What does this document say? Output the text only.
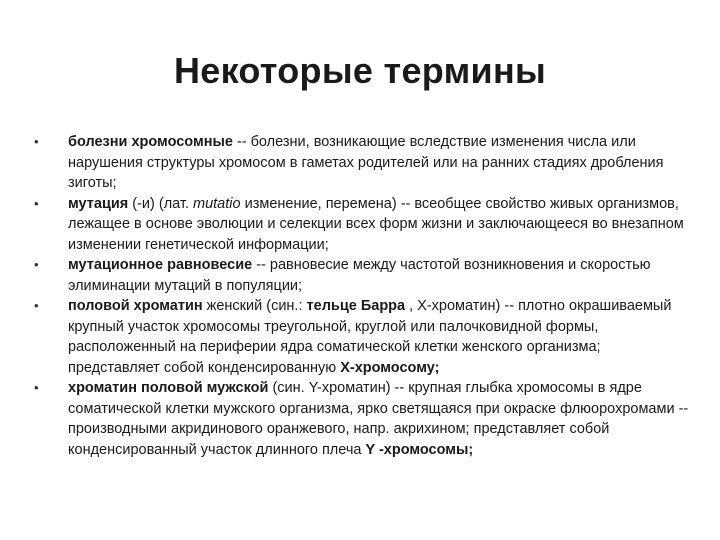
Некоторые термины
•	болезни хромосомные -- болезни, возникающие вследствие изменения числа или нарушения структуры хромосом в гаметах родителей или на ранних стадиях дробления зиготы;
•	мутация (-и) (лат. mutatio изменение, перемена) -- всеобщее свойство живых организмов, лежащее в основе эволюции и селекции всех форм жизни и заключающееся во внезапном изменении генетической информации;
•	мутационное равновесие -- равновесие между частотой возникновения и скоростью элиминации мутаций в популяции;
•	половой хроматин женский (син.: тельце Барра , Х-хроматин) -- плотно окрашиваемый крупный участок хромосомы треугольной, круглой или палочковидной формы, расположенный на периферии ядра соматической клетки женского организма; представляет собой конденсированную Х-хромосому;
•	хроматин половой мужской (син. Y-хроматин) -- крупная глыбка хромосомы в ядре соматической клетки мужского организма, ярко светящаяся при окраске флюорохромами -- производными акридинового оранжевого, напр. акрихином; представляет собой конденсированный участок длинного плеча Y -хромосомы;
